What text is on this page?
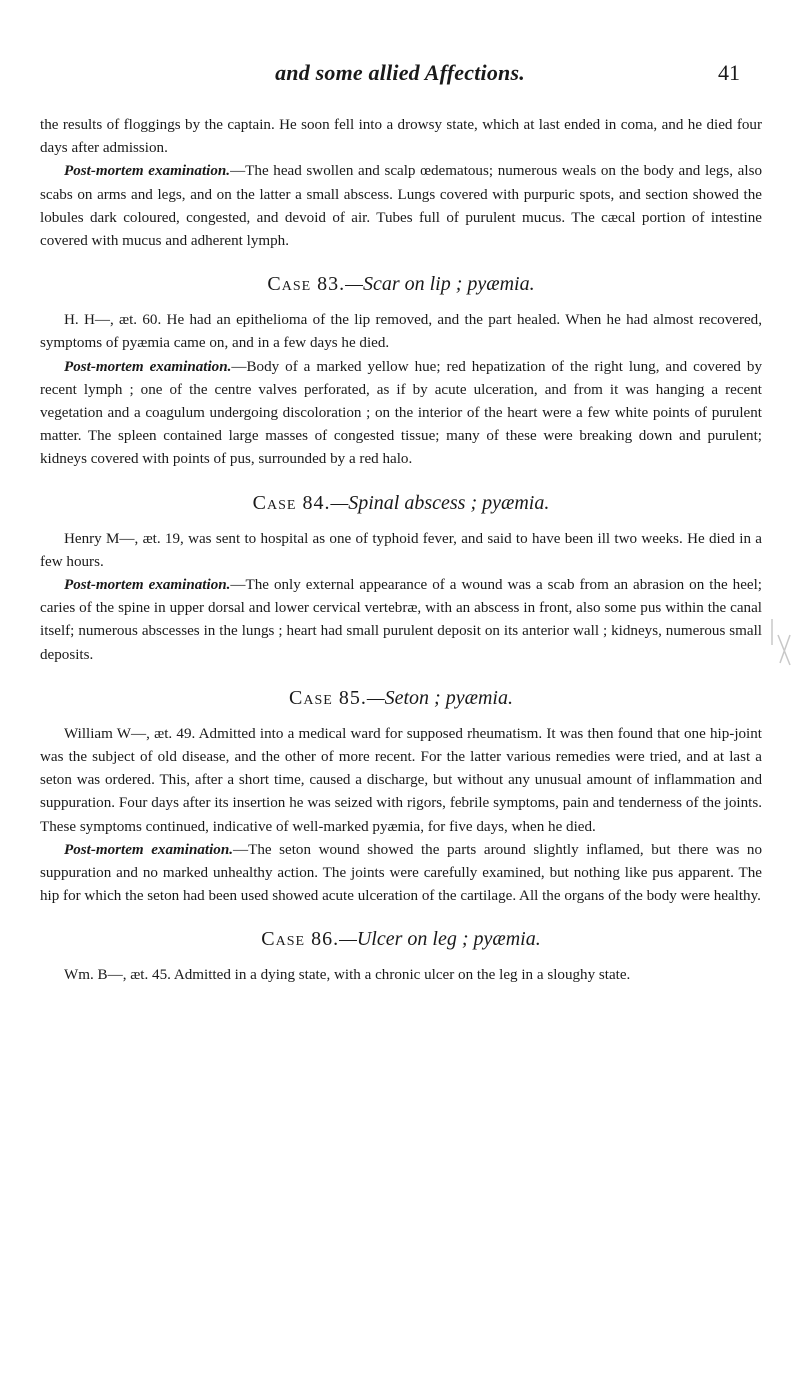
and some allied Affections.	41

the results of floggings by the captain. He soon fell into a drowsy state, which at last ended in coma, and he died four days after admission.

Post-mortem examination.—The head swollen and scalp œdematous; numerous weals on the body and legs, also scabs on arms and legs, and on the latter a small abscess. Lungs covered with purpuric spots, and section showed the lobules dark coloured, congested, and devoid of air. Tubes full of purulent mucus. The cæcal portion of intestine covered with mucus and adherent lymph.

Case 83.—Scar on lip ; pyæmia.

H. H—, æt. 60. He had an epithelioma of the lip removed, and the part healed. When he had almost recovered, symptoms of pyæmia came on, and in a few days he died.

Post-mortem examination.—Body of a marked yellow hue; red hepatization of the right lung, and covered by recent lymph ; one of the centre valves perforated, as if by acute ulceration, and from it was hanging a recent vegetation and a coagulum undergoing discoloration ; on the interior of the heart were a few white points of purulent matter. The spleen contained large masses of congested tissue; many of these were breaking down and purulent; kidneys covered with points of pus, surrounded by a red halo.

Case 84.—Spinal abscess ; pyæmia.

Henry M—, æt. 19, was sent to hospital as one of typhoid fever, and said to have been ill two weeks. He died in a few hours.

Post-mortem examination.—The only external appearance of a wound was a scab from an abrasion on the heel; caries of the spine in upper dorsal and lower cervical vertebræ, with an abscess in front, also some pus within the canal itself; numerous abscesses in the lungs ; heart had small purulent deposit on its anterior wall ; kidneys, numerous small deposits.

Case 85.—Seton ; pyæmia.

William W—, æt. 49. Admitted into a medical ward for supposed rheumatism. It was then found that one hip-joint was the subject of old disease, and the other of more recent. For the latter various remedies were tried, and at last a seton was ordered. This, after a short time, caused a discharge, but without any unusual amount of inflammation and suppuration. Four days after its insertion he was seized with rigors, febrile symptoms, pain and tenderness of the joints. These symptoms continued, indicative of well-marked pyæmia, for five days, when he died.

Post-mortem examination.—The seton wound showed the parts around slightly inflamed, but there was no suppuration and no marked unhealthy action. The joints were carefully examined, but nothing like pus apparent. The hip for which the seton had been used showed acute ulceration of the cartilage. All the organs of the body were healthy.

Case 86.—Ulcer on leg ; pyæmia.

Wm. B—, æt. 45. Admitted in a dying state, with a chronic ulcer on the leg in a sloughy state.
